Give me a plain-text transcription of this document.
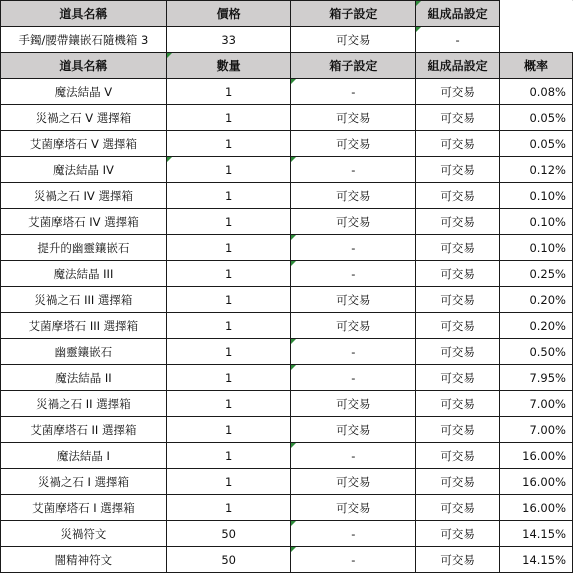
道具名稱	價格	箱子設定	組成品設定	
手鐲/腰帶鑲嵌石隨機箱 3	33	可交易	-	
道具名稱	數量	箱子設定	組成品設定	概率
魔法結晶 V	1	-	可交易	0.08%
災禍之石 V 選擇箱	1	可交易	可交易	0.05%
艾菌摩塔石 V 選擇箱	1	可交易	可交易	0.05%
魔法結晶 IV	1	-	可交易	0.12%
災禍之石 IV 選擇箱	1	可交易	可交易	0.10%
艾菌摩塔石 IV 選擇箱	1	可交易	可交易	0.10%
提升的幽靈鑲嵌石	1	-	可交易	0.10%
魔法結晶 III	1	-	可交易	0.25%
災禍之石 III 選擇箱	1	可交易	可交易	0.20%
艾菌摩塔石 III 選擇箱	1	可交易	可交易	0.20%
幽靈鑲嵌石	1	-	可交易	0.50%
魔法結晶 II	1	-	可交易	7.95%
災禍之石 II 選擇箱	1	可交易	可交易	7.00%
艾菌摩塔石 II 選擇箱	1	可交易	可交易	7.00%
魔法結晶 I	1	-	可交易	16.00%
災禍之石 I 選擇箱	1	可交易	可交易	16.00%
艾菌摩塔石 I 選擇箱	1	可交易	可交易	16.00%
災禍符文	50	-	可交易	14.15%
闇精神符文	50	-	可交易	14.15%
